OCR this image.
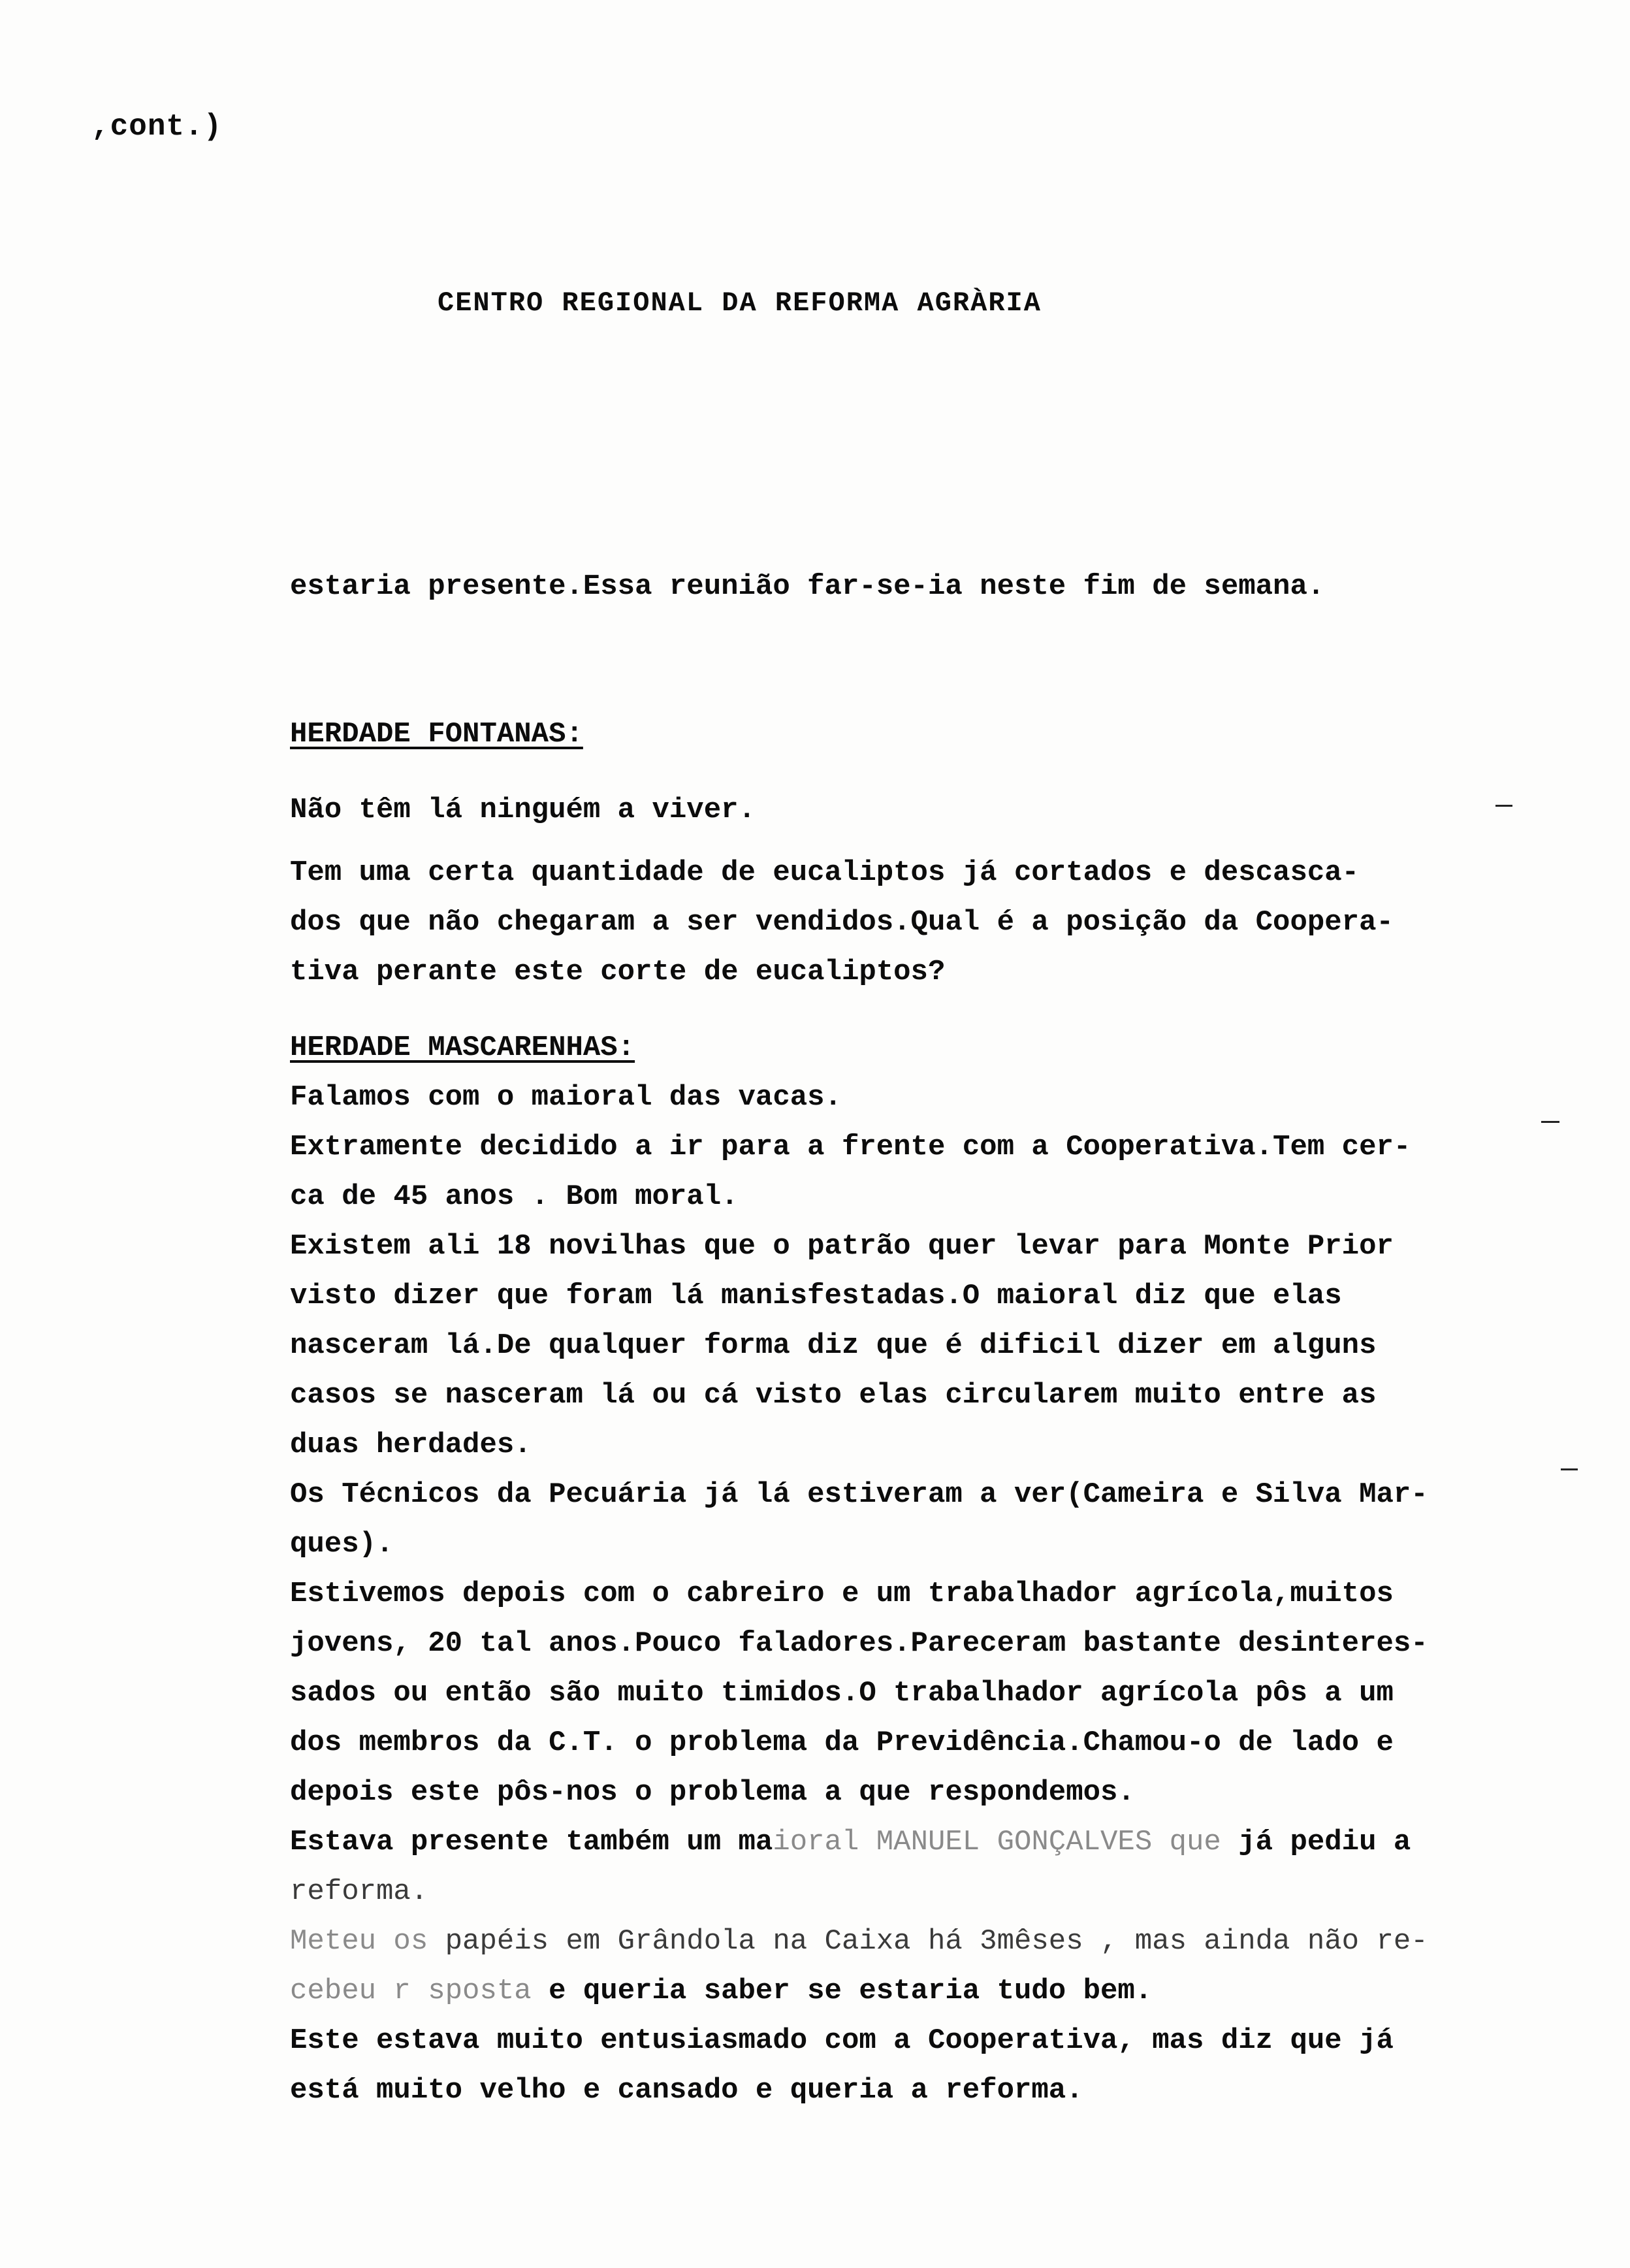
,cont.)
CENTRO REGIONAL DA REFORMA AGRÀRIA
estaria presente.Essa reunião far-se-ia neste fim de semana.
HERDADE FONTANAS:
Não têm lá ninguém a viver.
Tem uma certa quantidade de eucaliptos já cortados e descasca-
dos que não chegaram a ser vendidos.Qual é a posição da Coopera-
tiva perante este corte de eucaliptos?
HERDADE MASCARENHAS:
Falamos com o maioral das vacas.
Extramente decidido a ir para a frente com a Cooperativa.Tem cer-
ca de 45 anos . Bom moral.
Existem ali 18 novilhas que o patrão quer levar para Monte Prior
visto dizer que foram lá manisfestadas.O maioral diz que elas
nasceram lá.De qualquer forma diz que é dificil dizer em alguns
casos se nasceram lá ou cá visto elas circularem muito entre as
duas herdades.
Os Técnicos da Pecuária já lá estiveram a ver(Cameira e Silva Mar-
ques).
Estivemos depois com o cabreiro e um trabalhador agrícola,muitos
jovens, 20 tal anos.Pouco faladores.Pareceram bastante desinteres-
sados ou então são muito timidos.O trabalhador agrícola pôs a um
dos membros da C.T. o problema da Previdência.Chamou-o de lado e
depois este pôs-nos o problema a que respondemos.
Estava presente também um maioral MANUEL GONÇALVES que já pediu a
reforma.
Meteu os papéis em Grândola na Caixa há 3mêses , mas ainda não re-
cebeu r sposta e queria saber se estaria tudo bem.
Este estava muito entusiasmado com a Cooperativa, mas diz que já
está muito velho e cansado e queria a reforma.
